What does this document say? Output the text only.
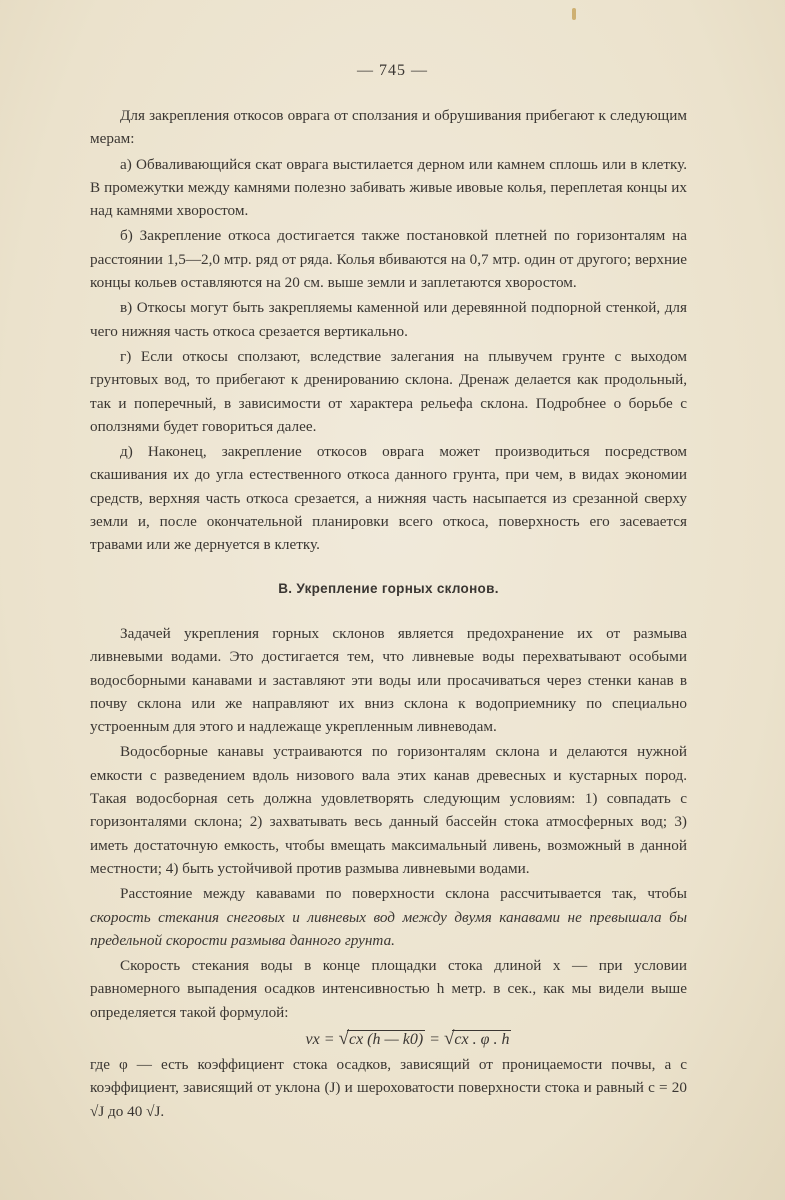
— 745 —

Для закрепления откосов оврага от сползания и обрушивания прибегают к следующим мерам:

а) Обваливающийся скат оврага выстилается дерном или камнем сплошь или в клетку. В промежутки между камнями полезно забивать живые ивовые колья, переплетая концы их над камнями хворостом.

б) Закрепление откоса достигается также постановкой плетней по горизонталям на расстоянии 1,5—2,0 мтр. ряд от ряда. Колья вбиваются на 0,7 мтр. один от другого; верхние концы кольев оставляются на 20 см. выше земли и заплетаются хворостом.

в) Откосы могут быть закрепляемы каменной или деревянной подпорной стенкой, для чего нижняя часть откоса срезается вертикально.

г) Если откосы сползают, вследствие залегания на плывучем грунте с выходом грунтовых вод, то прибегают к дренированию склона. Дренаж делается как продольный, так и поперечный, в зависимости от характера рельефа склона. Подробнее о борьбе с оползнями будет говориться далее.

д) Наконец, закрепление откосов оврага может производиться посредством скашивания их до угла естественного откоса данного грунта, при чем, в видах экономии средств, верхняя часть откоса срезается, а нижняя часть насыпается из срезанной сверху земли и, после окончательной планировки всего откоса, поверхность его засевается травами или же дернуется в клетку.

В. Укрепление горных склонов.

Задачей укрепления горных склонов является предохранение их от размыва ливневыми водами. Это достигается тем, что ливневые воды перехватывают особыми водосборными канавами и заставляют эти воды или просачиваться через стенки канав в почву склона или же направляют их вниз склона к водоприемнику по специально устроенным для этого и надлежаще укрепленным ливневодам.

Водосборные канавы устраиваются по горизонталям склона и делаются нужной емкости с разведением вдоль низового вала этих канав древесных и кустарных пород. Такая водосборная сеть должна удовлетворять следующим условиям: 1) совпадать с горизонталями склона; 2) захватывать весь данный бассейн стока атмосферных вод; 3) иметь достаточную емкость, чтобы вмещать максимальный ливень, возможный в данной местности; 4) быть устойчивой против размыва ливневыми водами.

Расстояние между кававами по поверхности склона рассчитывается так, чтобы скорость стекания снеговых и ливневых вод между двумя канавами не превышала бы предельной скорости размыва данного грунта.

Скорость стекания воды в конце площадки стока длиной x — при условии равномерного выпадения осадков интенсивностью h метр. в сек., как мы видели выше определяется такой формулой:

vx = √cx (h — k0) = √cx . φ . h

где φ — есть коэффициент стока осадков, зависящий от проницаемости почвы, а c коэффициент, зависящий от уклона (J) и шероховатости поверхности стока и равный c = 20 √J до 40 √J.
